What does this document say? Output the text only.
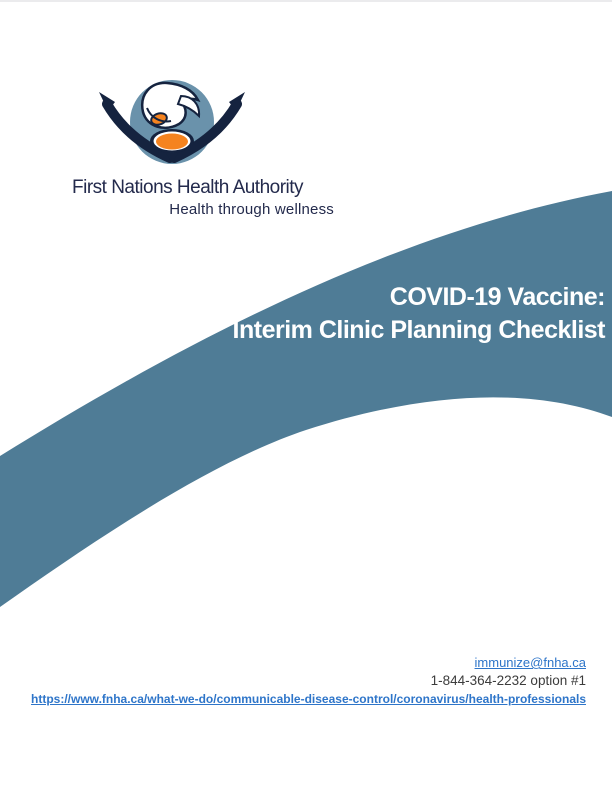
First Nations Health Authority
Health through wellness
COVID-19 Vaccine:
Interim Clinic Planning Checklist
immunize@fnha.ca
1-844-364-2232 option #1
https://www.fnha.ca/what-we-do/communicable-disease-control/coronavirus/health-professionals
